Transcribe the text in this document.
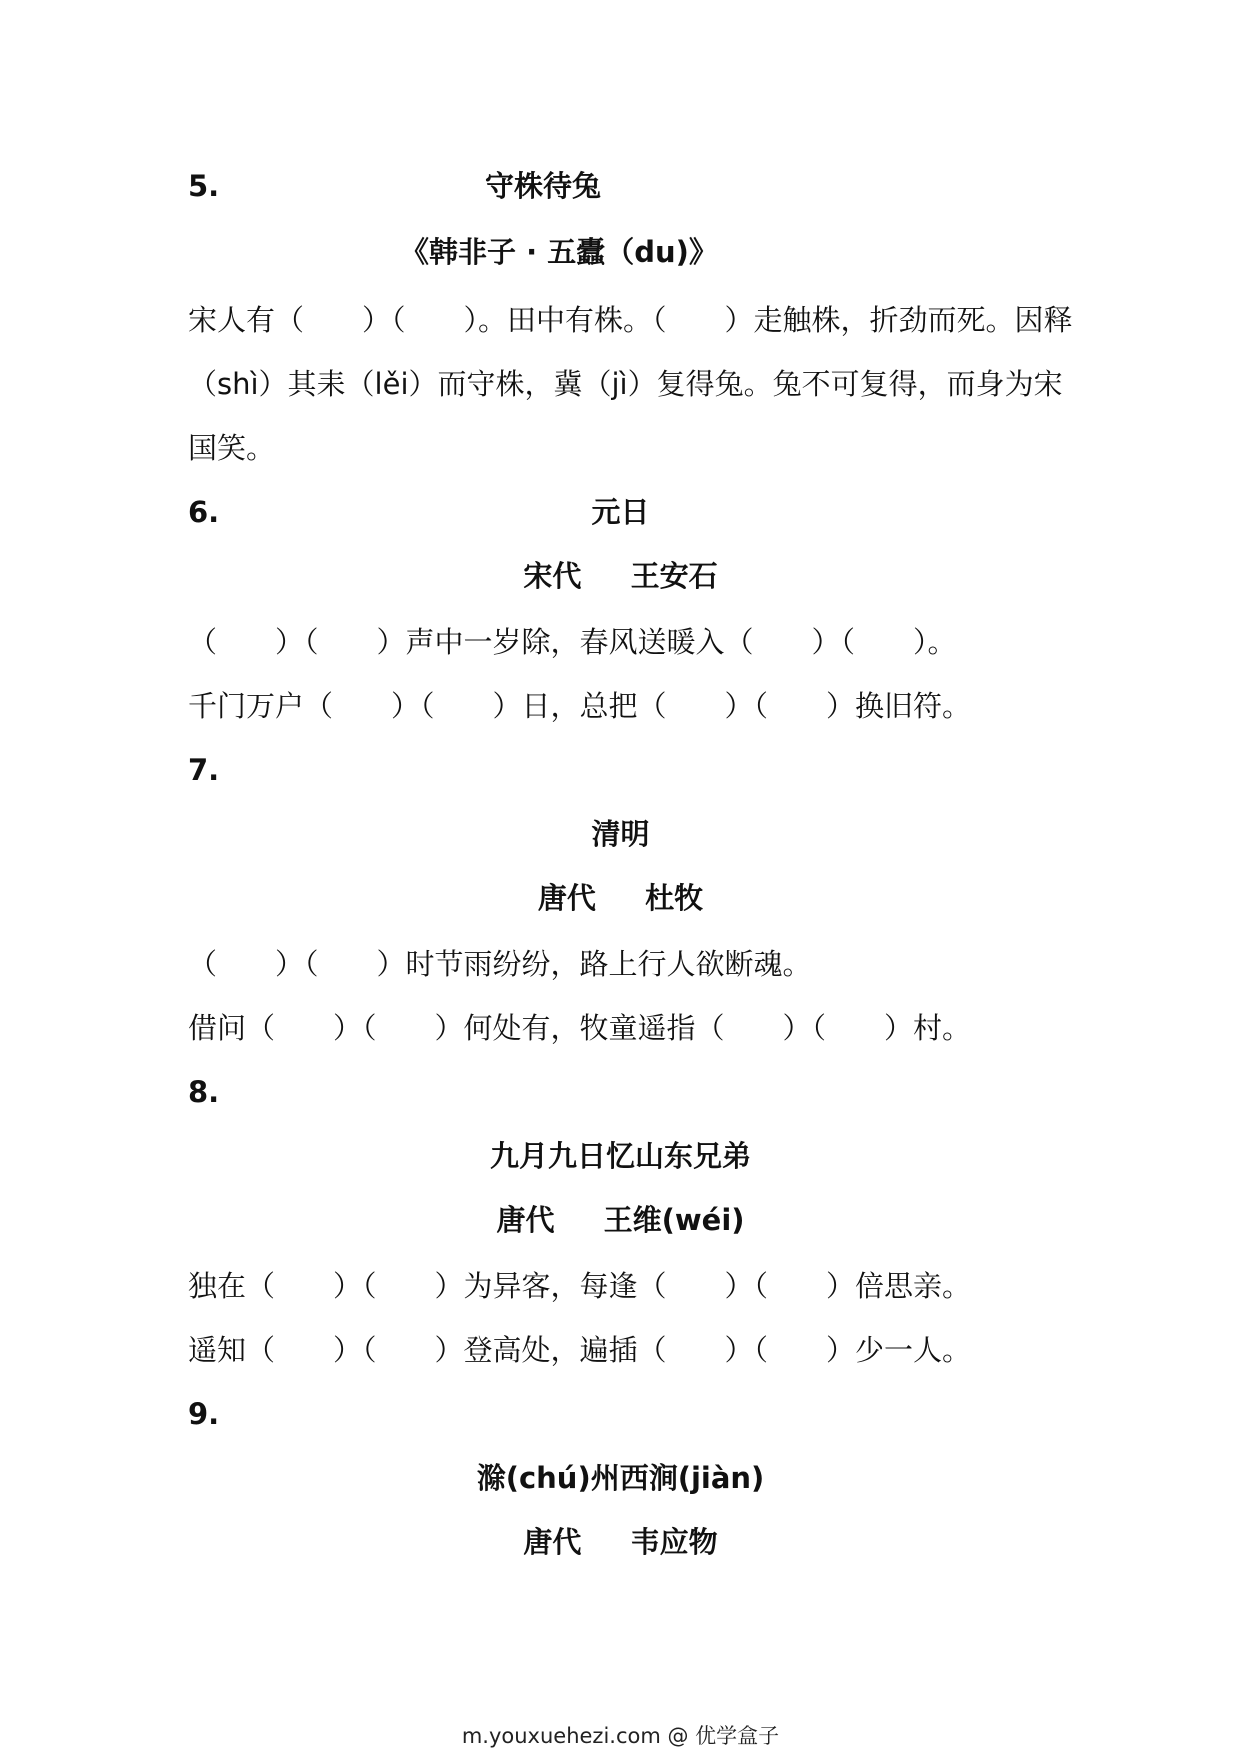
5.	守株待兔
《韩非子 · 五蠹（du)》
宋人有（　　）（　　）。田中有株。（　　）走触株，折劲而死。因释
（shì）其耒（lěi）而守株，冀（jì）复得兔。兔不可复得，而身为宋
国笑。
6.	元日
宋代　  王安石
（　　）（　　）声中一岁除，春风送暖入（　　）（　　）。
千门万户（　　）（　　）日，总把（　　）（　　）换旧符。
7.
清明
唐代　  杜牧
（　　）（　　）时节雨纷纷，路上行人欲断魂。
借问（　　）（　　）何处有，牧童遥指（　　）（　　）村。
8.
九月九日忆山东兄弟
唐代　  王维(wéi)
独在（　　）（　　）为异客，每逢（　　）（　　）倍思亲。
遥知（　　）（　　）登高处，遍插（　　）（　　）少一人。
9.
滁(chú)州西涧(jiàn)
唐代　  韦应物
m.youxuehezi.com @ 优学盒子
